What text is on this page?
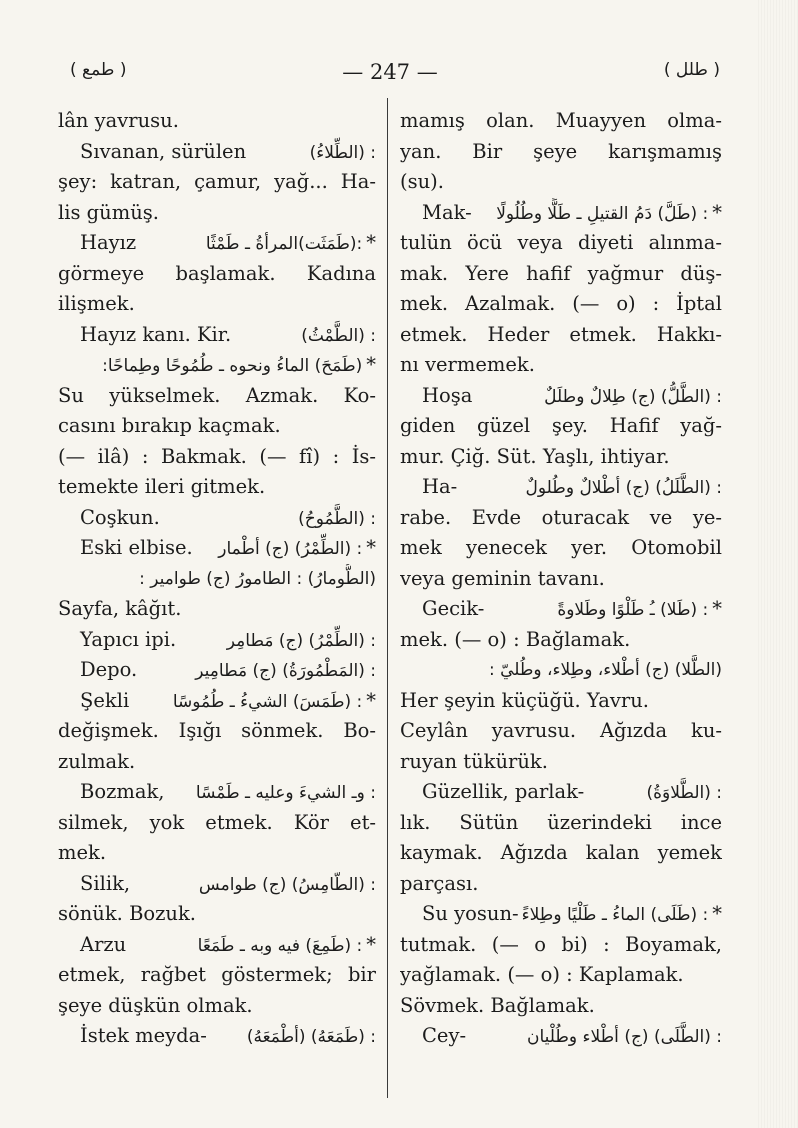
( طمع )	— 247 —	( طلل )
lân yavrusu.
Sıvanan, sürülen	: (الطِّلاءُ)
şey: katran, çamur, yağ... Ha-
lis gümüş.
Hayız	:(طَمَثَت)المرأةُ ـ طَمْثًا *
görmeye başlamak. Kadına
ilişmek.
Hayız kanı. Kir.	: (الطَّمْثُ)
(طَمَحَ) الماءُ ونحوه ـ طُمُوحًا وطِماحًا: *
Su yükselmek. Azmak. Ko-
casını bırakıp kaçmak.
(— ilâ) : Bakmak. (— fî) : İs-
temekte ileri gitmek.
Coşkun.	: (الطَّمُوحُ)
Eski elbise. : (الطِّمْرُ) (ج) أطْمار *
(الطُّومارُ) : الطامورُ (ج) طوامير :
Sayfa, kâğıt.
Yapıcı ipi.	: (الطِّمْرُ) (ج) مَطامِر
Depo.	: (المَطْمُورَةُ) (ج) مَطامِير
Şekli	: (طَمَسَ) الشيءُ ـ طُمُوسًا *
değişmek. Işığı sönmek. Bo-
zulmak.
Bozmak, : وـ الشيءَ وعليه ـ طَمْسًا
silmek, yok etmek. Kör et-
mek.
Silik,	: (الطّامِسُ) (ج) طوامس
sönük. Bozuk.
Arzu	: (طَمِعَ) فيه وبه ـ طَمَعًا *
etmek, rağbet göstermek; bir
şeye düşkün olmak.
İstek meyda- : (طَمَعَهُ) (أطْمَعَهُ)
mamış olan. Muayyen olma-
yan. Bir şeye karışmamış
(su).
Mak- : (طَلَّ) دَمُ القتيلِ ـ طَلًّا وطُلُولًا *
tulün öcü veya diyeti alınma-
mak. Yere hafif yağmur düş-
mek. Azalmak. (— o) : İptal
etmek. Heder etmek. Hakkı-
nı vermemek.
Hoşa	: (الطَّلُّ) (ج) طِلالٌ وطلَلٌ
giden güzel şey. Hafif yağ-
mur. Çiğ. Süt. Yaşlı, ihtiyar.
Ha-	: (الطَّلَلُ) (ج) أطْلالٌ وطُلولٌ
rabe. Evde oturacak ve ye-
mek yenecek yer. Otomobil
veya geminin tavanı.
Gecik-	: (طَلا) ـُ طَلْوًا وطَلاوةً *
mek. (— o) : Bağlamak.
(الطَّلا) (ج) أطْلاء، وطِلاء، وطُليّ :
Her şeyin küçüğü. Yavru.
Ceylân yavrusu. Ağızda ku-
ruyan tükürük.
Güzellik, parlak-	: (الطَّلاوَةُ)
lık. Sütün üzerindeki ince
kaymak. Ağızda kalan yemek
parçası.
Su yosun- : (طَلَى) الماءُ ـ طَلْيًا وطِلاءً *
tutmak. (— o bi) : Boyamak,
yağlamak. (— o) : Kaplamak.
Sövmek. Bağlamak.
Cey-	: (الطَّلَى) (ج) أطْلاء وطُلْيان
